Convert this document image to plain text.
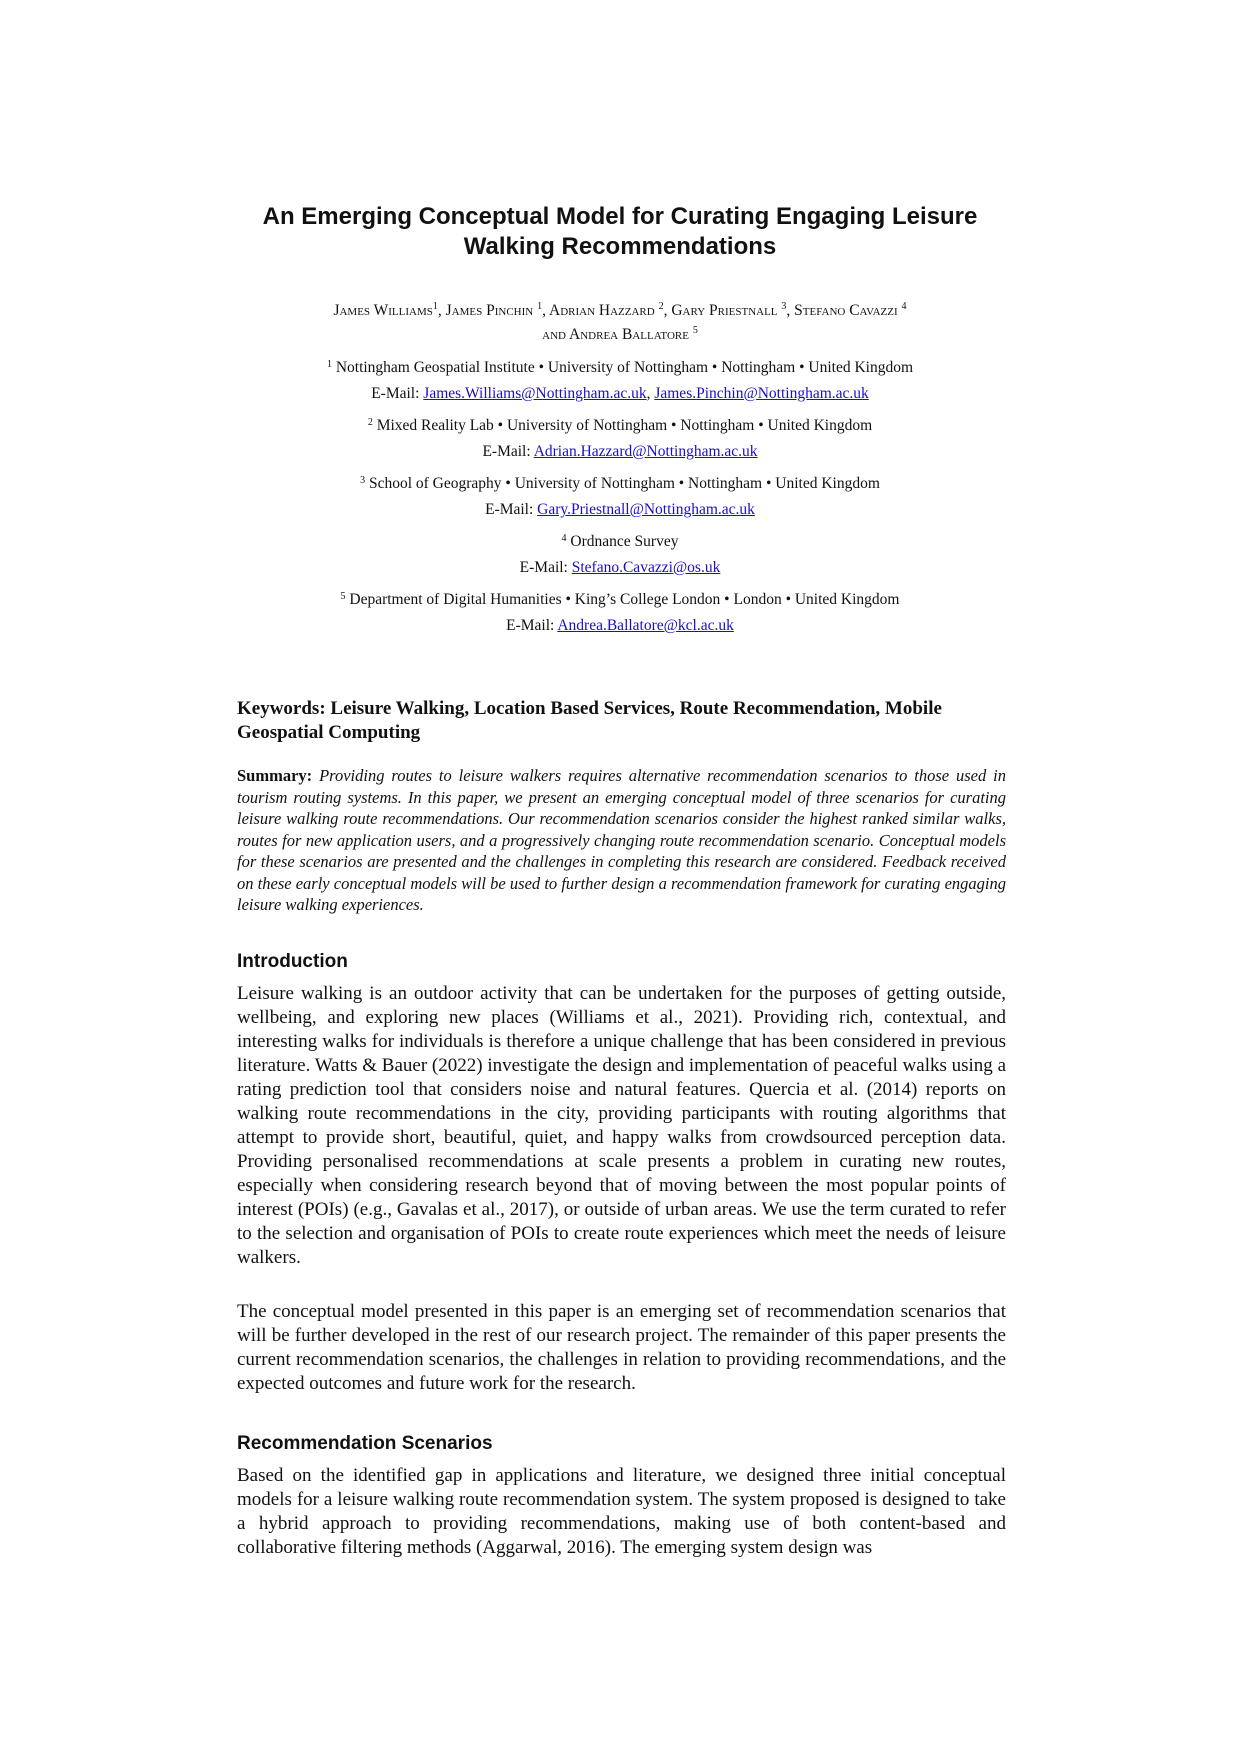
An Emerging Conceptual Model for Curating Engaging Leisure Walking Recommendations
James Williams$^1$, James Pinchin $^1$, Adrian Hazzard $^2$, Gary Priestnall $^3$, Stefano Cavazzi $^4$
and Andrea Ballatore $^5$
$^1$ Nottingham Geospatial Institute • University of Nottingham • Nottingham • United Kingdom
E-Mail: James.Williams@Nottingham.ac.uk, James.Pinchin@Nottingham.ac.uk
$^2$ Mixed Reality Lab • University of Nottingham • Nottingham • United Kingdom
E-Mail: Adrian.Hazzard@Nottingham.ac.uk
$^3$ School of Geography • University of Nottingham • Nottingham • United Kingdom
E-Mail: Gary.Priestnall@Nottingham.ac.uk
$^4$ Ordnance Survey
E-Mail: Stefano.Cavazzi@os.uk
$^5$ Department of Digital Humanities • King’s College London • London • United Kingdom
E-Mail: Andrea.Ballatore@kcl.ac.uk
Keywords: Leisure Walking, Location Based Services, Route Recommendation, Mobile Geospatial Computing
Summary: Providing routes to leisure walkers requires alternative recommendation scenarios to those used in tourism routing systems. In this paper, we present an emerging conceptual model of three scenarios for curating leisure walking route recommendations. Our recommendation scenarios consider the highest ranked similar walks, routes for new application users, and a progressively changing route recommendation scenario. Conceptual models for these scenarios are presented and the challenges in completing this research are considered. Feedback received on these early conceptual models will be used to further design a recommendation framework for curating engaging leisure walking experiences.
Introduction
Leisure walking is an outdoor activity that can be undertaken for the purposes of getting outside, wellbeing, and exploring new places (Williams et al., 2021). Providing rich, contextual, and interesting walks for individuals is therefore a unique challenge that has been considered in previous literature. Watts & Bauer (2022) investigate the design and implementation of peaceful walks using a rating prediction tool that considers noise and natural features. Quercia et al. (2014) reports on walking route recommendations in the city, providing participants with routing algorithms that attempt to provide short, beautiful, quiet, and happy walks from crowdsourced perception data. Providing personalised recommendations at scale presents a problem in curating new routes, especially when considering research beyond that of moving between the most popular points of interest (POIs) (e.g., Gavalas et al., 2017), or outside of urban areas. We use the term curated to refer to the selection and organisation of POIs to create route experiences which meet the needs of leisure walkers.
The conceptual model presented in this paper is an emerging set of recommendation scenarios that will be further developed in the rest of our research project. The remainder of this paper presents the current recommendation scenarios, the challenges in relation to providing recommendations, and the expected outcomes and future work for the research.
Recommendation Scenarios
Based on the identified gap in applications and literature, we designed three initial conceptual models for a leisure walking route recommendation system. The system proposed is designed to take a hybrid approach to providing recommendations, making use of both content-based and collaborative filtering methods (Aggarwal, 2016). The emerging system design was
